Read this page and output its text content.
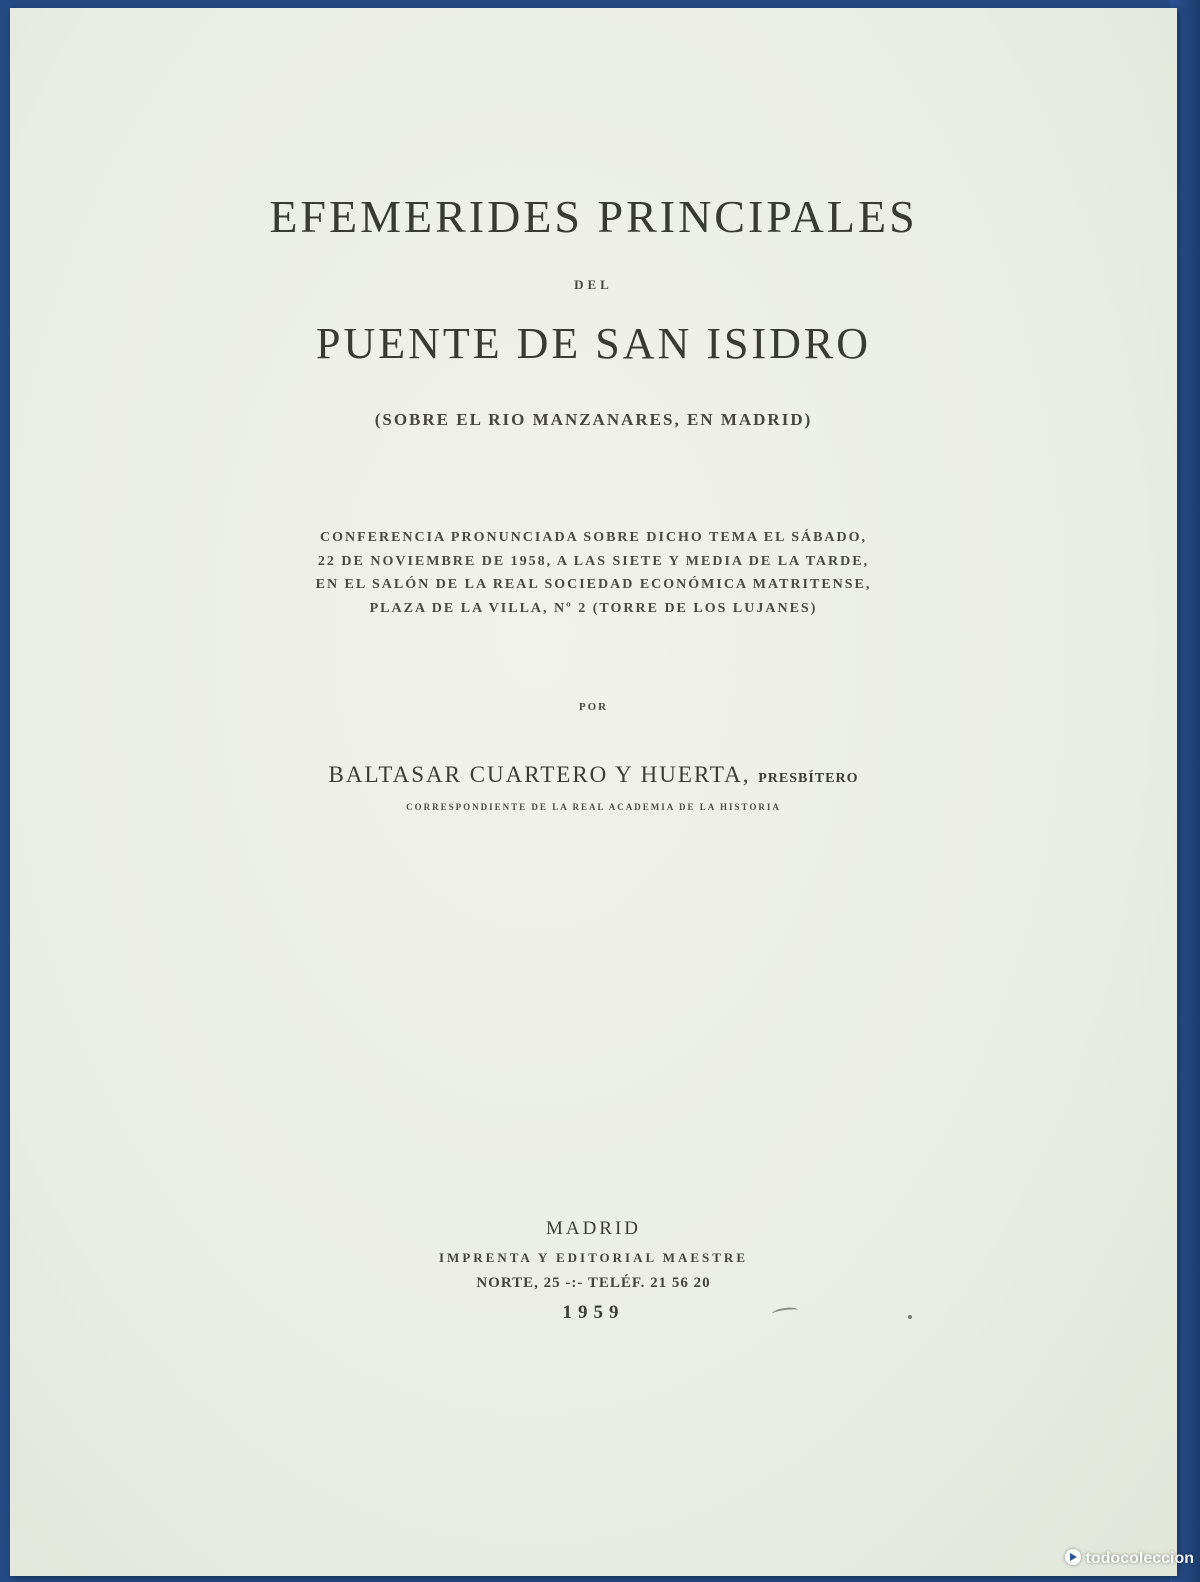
EFEMERIDES PRINCIPALES
DEL
PUENTE DE SAN ISIDRO
(SOBRE EL RIO MANZANARES, EN MADRID)
CONFERENCIA PRONUNCIADA SOBRE DICHO TEMA EL SÁBADO,
22 DE NOVIEMBRE DE 1958, A LAS SIETE Y MEDIA DE LA TARDE,
EN EL SALÓN DE LA REAL SOCIEDAD ECONÓMICA MATRITENSE,
PLAZA DE LA VILLA, Nº 2 (TORRE DE LOS LUJANES)
POR
BALTASAR CUARTERO Y HUERTA, PRESBÍTERO
CORRESPONDIENTE DE LA REAL ACADEMIA DE LA HISTORIA
MADRID
IMPRENTA Y EDITORIAL MAESTRE
NORTE, 25 -:- TELÉF. 21 56 20
1959
todocoleccion
